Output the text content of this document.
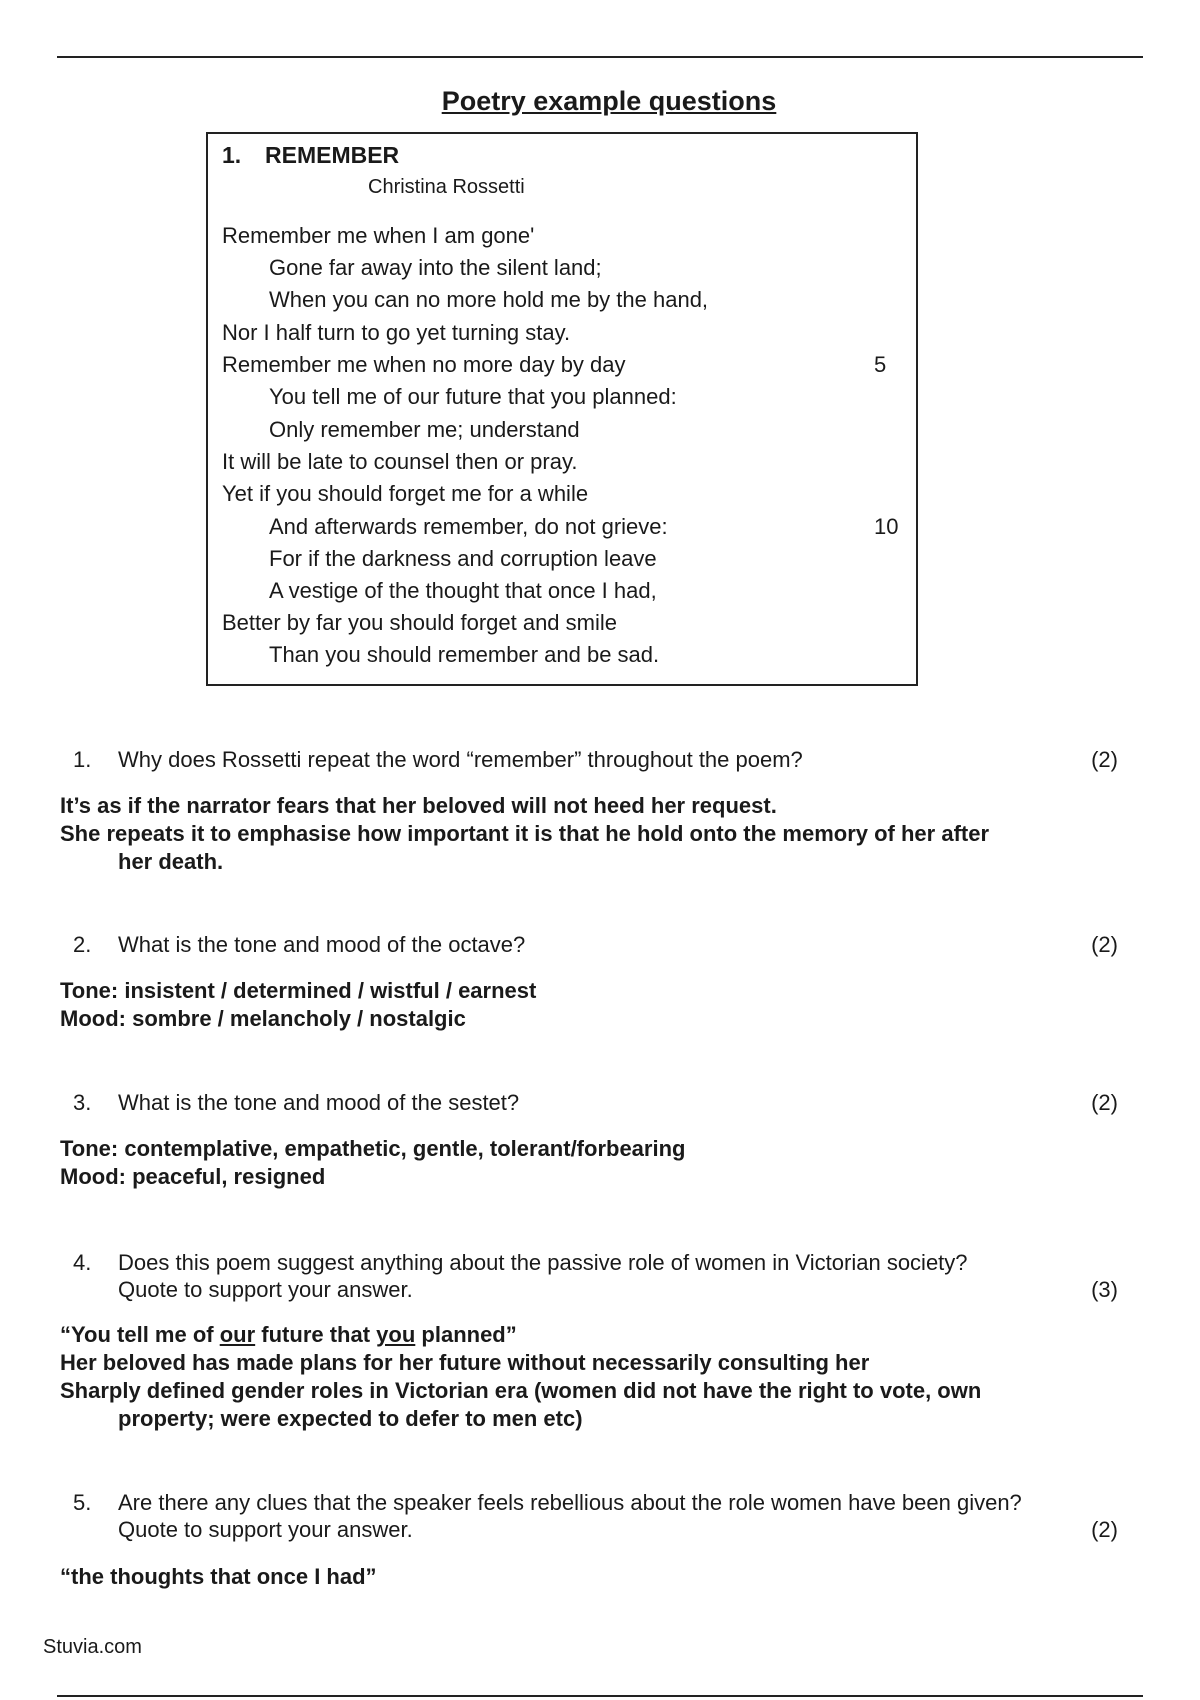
Poetry example questions
1. REMEMBER
Christina Rossetti
Remember me when I am gone'
Gone far away into the silent land;
When you can no more hold me by the hand,
Nor I half turn to go yet turning stay.
Remember me when no more day by day	5
You tell me of our future that you planned:
Only remember me; understand
It will be late to counsel then or pray.
Yet if you should forget me for a while
And afterwards remember, do not grieve:	10
For if the darkness and corruption leave
A vestige of the thought that once I had,
Better by far you should forget and smile
Than you should remember and be sad.
1. Why does Rossetti repeat the word “remember” throughout the poem?	(2)
It’s as if the narrator fears that her beloved will not heed her request.
She repeats it to emphasise how important it is that he hold onto the memory of her after
her death.
2. What is the tone and mood of the octave?	(2)
Tone: insistent / determined / wistful / earnest
Mood: sombre / melancholy / nostalgic
3. What is the tone and mood of the sestet?	(2)
Tone: contemplative, empathetic, gentle, tolerant/forbearing
Mood: peaceful, resigned
4. Does this poem suggest anything about the passive role of women in Victorian society?
Quote to support your answer.	(3)
“You tell me of our future that you planned”
Her beloved has made plans for her future without necessarily consulting her
Sharply defined gender roles in Victorian era (women did not have the right to vote, own
property; were expected to defer to men etc)
5. Are there any clues that the speaker feels rebellious about the role women have been given?
Quote to support your answer.	(2)
“the thoughts that once I had”
Stuvia.com
